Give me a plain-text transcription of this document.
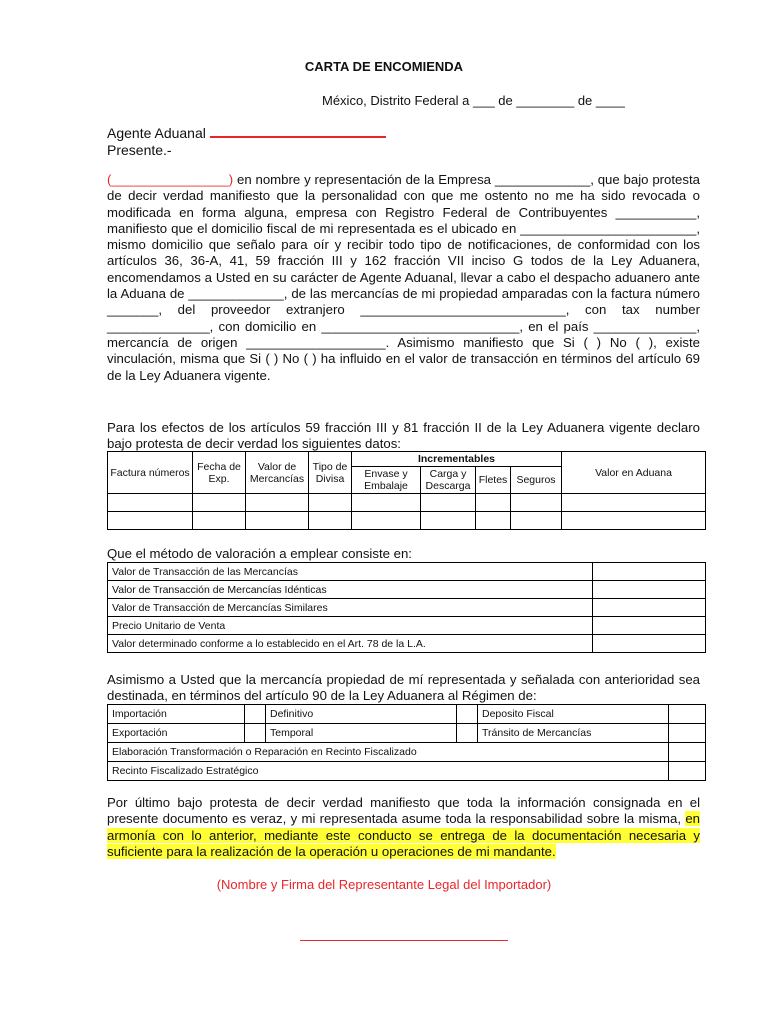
CARTA DE ENCOMIENDA
México, Distrito Federal a ___ de ________ de ____
Agente Aduanal
Presente.-
(________________) en nombre y representación de la Empresa _____________, que bajo protesta de decir verdad manifiesto que la personalidad con que me ostento no me ha sido revocada o modificada en forma alguna, empresa con Registro Federal de Contribuyentes ___________, manifiesto que el domicilio fiscal de mi representada es el ubicado en ________________________, mismo domicilio que señalo para oír y recibir todo tipo de notificaciones, de conformidad con los artículos 36, 36-A, 41, 59 fracción III y 162 fracción VII inciso G todos de la Ley Aduanera, encomendamos a Usted en su carácter de Agente Aduanal, llevar a cabo el despacho aduanero ante la Aduana de _____________, de las mercancías de mi propiedad amparadas con la factura número _______, del proveedor extranjero ____________________________, con tax number ______________, con domicilio en ___________________________, en el país ______________, mercancía de origen ___________________. Asimismo manifiesto que Si ( ) No ( ), existe vinculación, misma que Si ( ) No ( ) ha influido en el valor de transacción en términos del artículo 69 de la Ley Aduanera vigente.
Para los efectos de los artículos 59 fracción III y 81 fracción II de la Ley Aduanera vigente declaro bajo protesta de decir verdad los siguientes datos:
Factura números	Fecha de Exp.	Valor de Mercancías	Tipo de Divisa	Incrementables				Valor en Aduana
				Envase y Embalaje	Carga y Descarga	Fletes	Seguros	

Que el método de valoración a emplear consiste en:
Valor de Transacción de las Mercancías	
Valor de Transacción de Mercancías Idénticas	
Valor de Transacción de Mercancías Similares	
Precio Unitario de Venta	
Valor determinado conforme a lo establecido en el Art. 78 de la L.A.	
Asimismo a Usted que la mercancía propiedad de mí representada y señalada con anterioridad sea destinada, en términos del artículo 90 de la Ley Aduanera al Régimen de:
Importación		Definitivo		Deposito Fiscal	
Exportación		Temporal		Tránsito de Mercancías	
Elaboración Transformación o Reparación en Recinto Fiscalizado					
Recinto Fiscalizado Estratégico					
Por último bajo protesta de decir verdad manifiesto que toda la información consignada en el presente documento es veraz, y mi representada asume toda la responsabilidad sobre la misma, en armonía con lo anterior, mediante este conducto se entrega de la documentación necesaria y suficiente para la realización de la operación u operaciones de mi mandante.
(Nombre y Firma del Representante Legal del Importador)
